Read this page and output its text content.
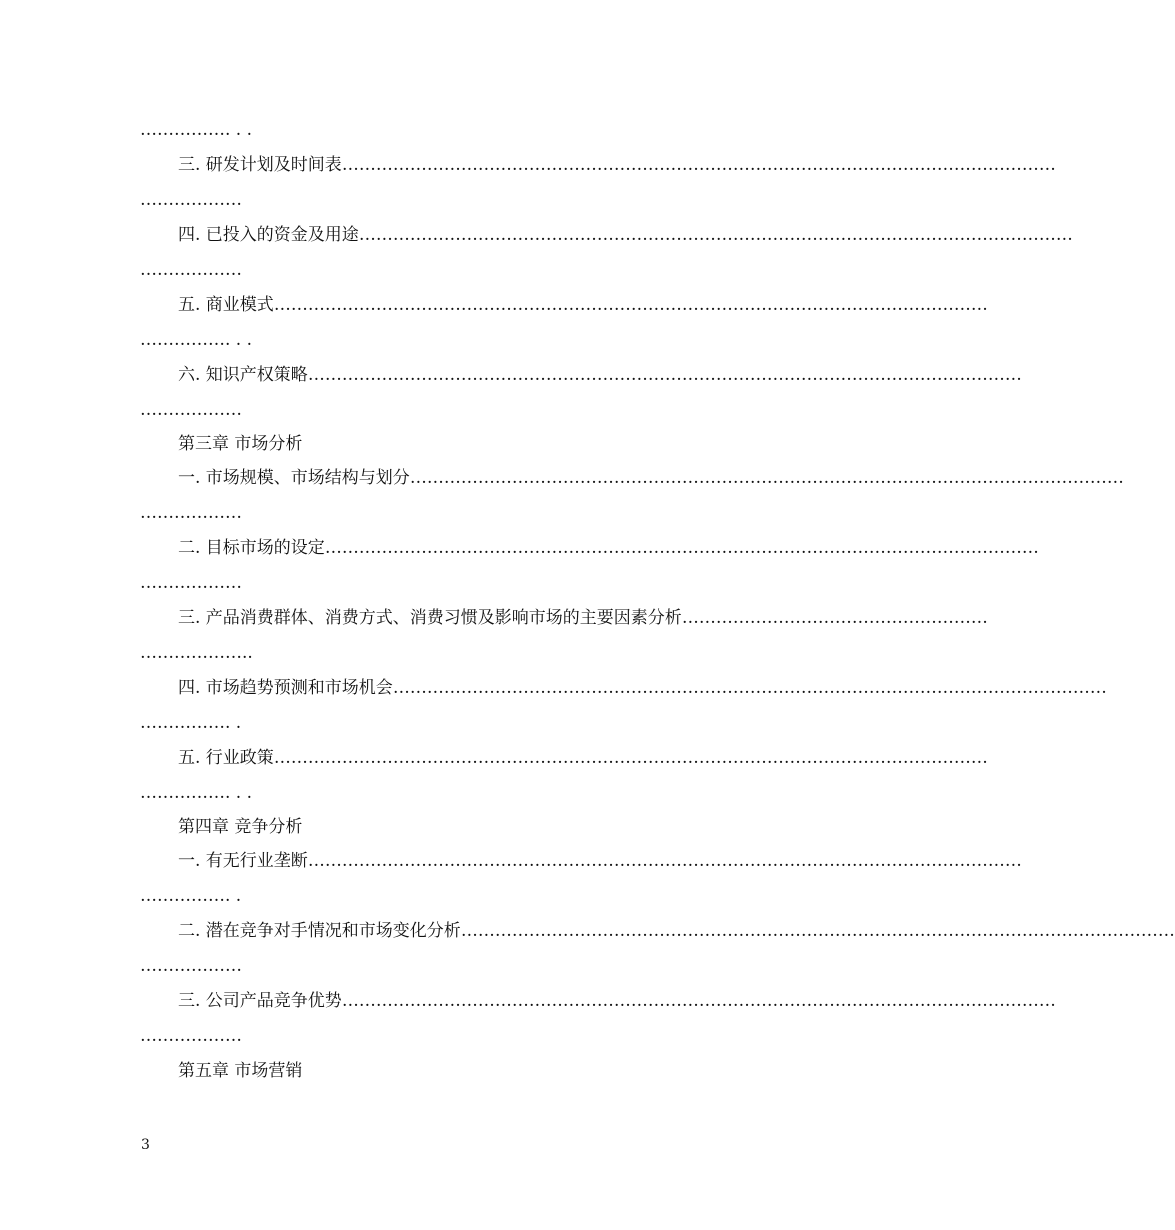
……………. . .
三. 研发计划及时间表 ………………………………………………………………………………………………………………
………………
四. 已投入的资金及用途 ………………………………………………………………………………………………………………
………………
五. 商业模式 ………………………………………………………………………………………………………………
……………. . .
六. 知识产权策略 ………………………………………………………………………………………………………………
………………
第三章 市场分析
一. 市场规模、市场结构与划分 ………………………………………………………………………………………………………………
………………
二. 目标市场的设定 ………………………………………………………………………………………………………………
………………
三. 产品消费群体、消费方式、消费习惯及影响市场的主要因素分析 ………………………………………………
………………..
四. 市场趋势预测和市场机会 ………………………………………………………………………………………………………………
……………. .
五. 行业政策 ………………………………………………………………………………………………………………
……………. . .
第四章 竞争分析
一. 有无行业垄断 ………………………………………………………………………………………………………………
……………. .
二. 潜在竞争对手情况和市场变化分析 ………………………………………………………………………………………………………………
………………
三. 公司产品竞争优势 ………………………………………………………………………………………………………………
………………
第五章 市场营销
3
